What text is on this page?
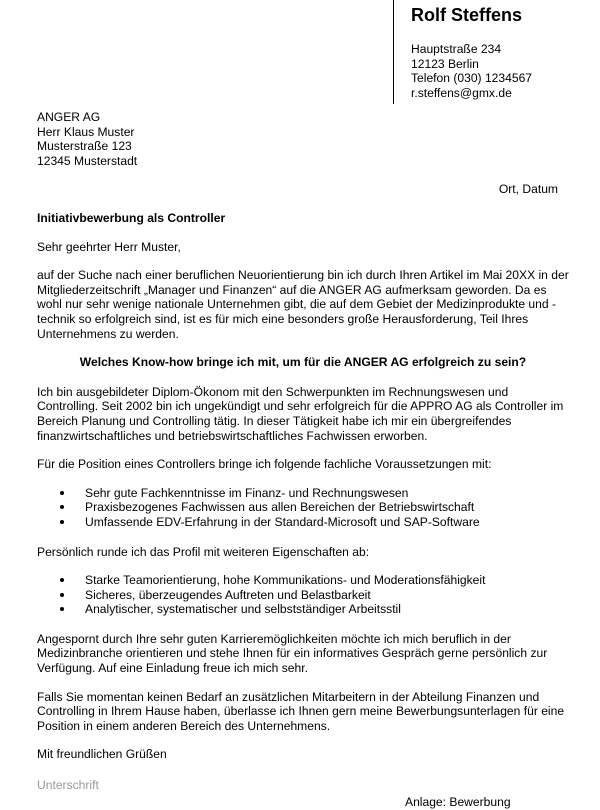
Rolf Steffens
Hauptstraße 234
12123 Berlin
Telefon (030) 1234567
r.steffens@gmx.de
ANGER AG
Herr Klaus Muster
Musterstraße 123
12345 Musterstadt
Ort, Datum
Initiativbewerbung als Controller

Sehr geehrter Herr Muster,

auf der Suche nach einer beruflichen Neuorientierung bin ich durch Ihren Artikel im Mai 20XX in der Mitgliederzeitschrift „Manager und Finanzen“ auf die ANGER AG aufmerksam geworden. Da es wohl nur sehr wenige nationale Unternehmen gibt, die auf dem Gebiet der Medizinprodukte und -technik so erfolgreich sind, ist es für mich eine besonders große Herausforderung, Teil Ihres Unternehmens zu werden.

Welches Know-how bringe ich mit, um für die ANGER AG erfolgreich zu sein?

Ich bin ausgebildeter Diplom-Ökonom mit den Schwerpunkten im Rechnungswesen und Controlling. Seit 2002 bin ich ungekündigt und sehr erfolgreich für die APPRO AG als Controller im Bereich Planung und Controlling tätig. In dieser Tätigkeit habe ich mir ein übergreifendes finanzwirtschaftliches und betriebswirtschaftliches Fachwissen erworben.

Für die Position eines Controllers bringe ich folgende fachliche Voraussetzungen mit:

Sehr gute Fachkenntnisse im Finanz- und Rechnungswesen
Praxisbezogenes Fachwissen aus allen Bereichen der Betriebswirtschaft
Umfassende EDV-Erfahrung in der Standard-Microsoft und SAP-Software

Persönlich runde ich das Profil mit weiteren Eigenschaften ab:

Starke Teamorientierung, hohe Kommunikations- und Moderationsfähigkeit
Sicheres, überzeugendes Auftreten und Belastbarkeit
Analytischer, systematischer und selbstständiger Arbeitsstil

Angespornt durch Ihre sehr guten Karrieremöglichkeiten möchte ich mich beruflich in der Medizinbranche orientieren und stehe Ihnen für ein informatives Gespräch gerne persönlich zur Verfügung. Auf eine Einladung freue ich mich sehr.

Falls Sie momentan keinen Bedarf an zusätzlichen Mitarbeitern in der Abteilung Finanzen und Controlling in Ihrem Hause haben, überlasse ich Ihnen gern meine Bewerbungsunterlagen für eine Position in einem anderen Bereich des Unternehmens.

Mit freundlichen Grüßen
Unterschrift
Anlage: Bewerbung
